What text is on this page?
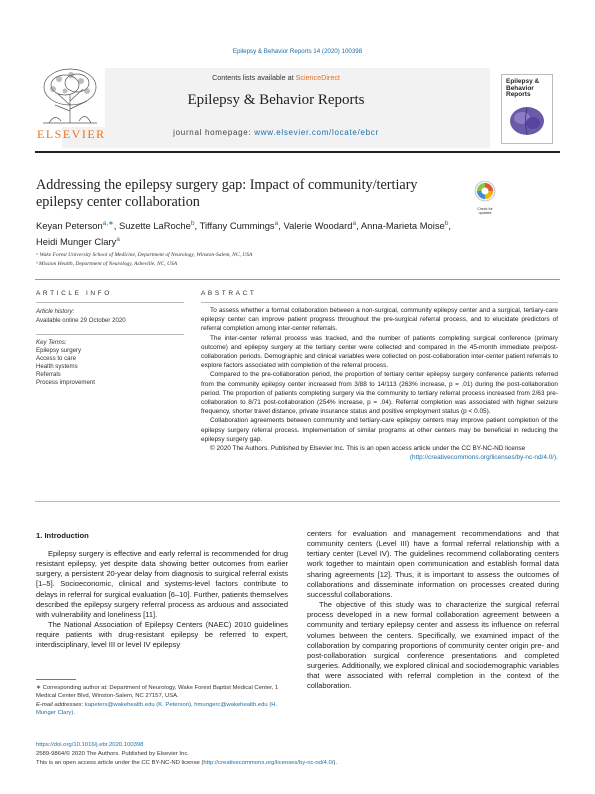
Epilepsy & Behavior Reports 14 (2020) 100398
ELSEVIER
Contents lists available at ScienceDirect
Epilepsy & Behavior Reports
journal homepage: www.elsevier.com/locate/ebcr
Epilepsy & Behavior Reports
Addressing the epilepsy surgery gap: Impact of community/tertiary epilepsy center collaboration	Check for updates
Keyan Peterson$^{a,∗}$, Suzette LaRoche$^b$, Tiffany Cummings$^a$, Valerie Woodard$^a$, Anna-Marieta Moise$^b$,
Heidi Munger Clary$^a$
ᵃ Wake Forest University School of Medicine, Department of Neurology, Winston-Salem, NC, USA
ᵇ Mission Health, Department of Neurology, Asheville, NC, USA
ARTICLE INFO
Article history:
Available online 29 October 2020
Key Terms:
Epilepsy surgery
Access to care
Health systems
Referrals
Process improvement
ABSTRACT

To assess whether a formal collaboration between a non-surgical, community epilepsy center and a surgical, tertiary-care epilepsy center can improve patient progress throughout the pre-surgical referral process, and to elucidate predictors of referral completion among inter-center referrals.

The inter-center referral process was tracked, and the number of patients completing surgical conference (primary outcome) and epilepsy surgery at the tertiary center were collected and compared in the 45-month immediate pre/post-collaboration periods. Demographic and clinical variables were collected on post-collaboration inter-center patient referrals to explore factors associated with completion of the referral process.

Compared to the pre-collaboration period, the proportion of tertiary center epilepsy surgery conference patients referred from the community epilepsy center increased from 3/88 to 14/113 (263% increase, p = .01) during the post-collaboration period. The proportion of patients completing surgery via the community to tertiary referral process increased from 2/63 pre-collaboration to 8/71 post-collaboration (254% increase, p = .04). Referral completion was associated with higher seizure frequency, shorter travel distance, private insurance status and positive employment status (p < 0.05).

Collaboration agreements between community and tertiary-care epilepsy centers may improve patient completion of the epilepsy surgery referral process. Implementation of similar programs at other centers may be beneficial in reducing the epilepsy surgery gap.

© 2020 The Authors. Published by Elsevier Inc. This is an open access article under the CC BY-NC-ND license

(http://creativecommons.org/licenses/by-nc-nd/4.0/).
1. Introduction

Epilepsy surgery is effective and early referral is recommended for drug resistant epilepsy, yet despite data showing better outcomes from earlier surgery, a persistent 20-year delay from diagnosis to surgical referral exists [1–5]. Socioeconomic, clinical and systems-level factors contribute to delays in referral for surgical evaluation [6–10]. Further, patients themselves described the epilepsy surgery referral process as arduous and associated with vulnerability and loneliness [11].

The National Association of Epilepsy Centers (NAEC) 2010 guidelines require patients with drug-resistant epilepsy be referred to expert, interdisciplinary, level III or level IV epilepsy

centers for evaluation and management recommendations and that community centers (Level III) have a formal referral relationship with a tertiary center (Level IV). The guidelines recommend collaborating centers work together to maintain open communication and establish formal data sharing agreements [12]. Thus, it is important to assess the outcomes of collaborations and disseminate information on processes created during successful collaborations.

The objective of this study was to characterize the surgical referral process developed in a new formal collaboration agreement between a community and tertiary epilepsy center and assess its influence on referral volumes between the centers. Specifically, we examined impact of the collaboration by comparing proportions of community center origin pre- and post-collaboration surgical conference presentations and completed surgeries. Additionally, we explored clinical and sociodemographic variables that were associated with referral completion in the context of the collaboration.

∗ Corresponding author at: Department of Neurology, Wake Forest Baptist Medical Center, 1 Medical Center Blvd, Winston-Salem, NC 27157, USA.
E-mail addresses: kapeters@wakehealth.edu (K. Peterson), hmungerc@wakehealth.edu (H. Munger Clary).
https://doi.org/10.1016/j.ebr.2020.100398
2589-9864/© 2020 The Authors. Published by Elsevier Inc.
This is an open access article under the CC BY-NC-ND license (http://creativecommons.org/licenses/by-nc-nd/4.0/).
